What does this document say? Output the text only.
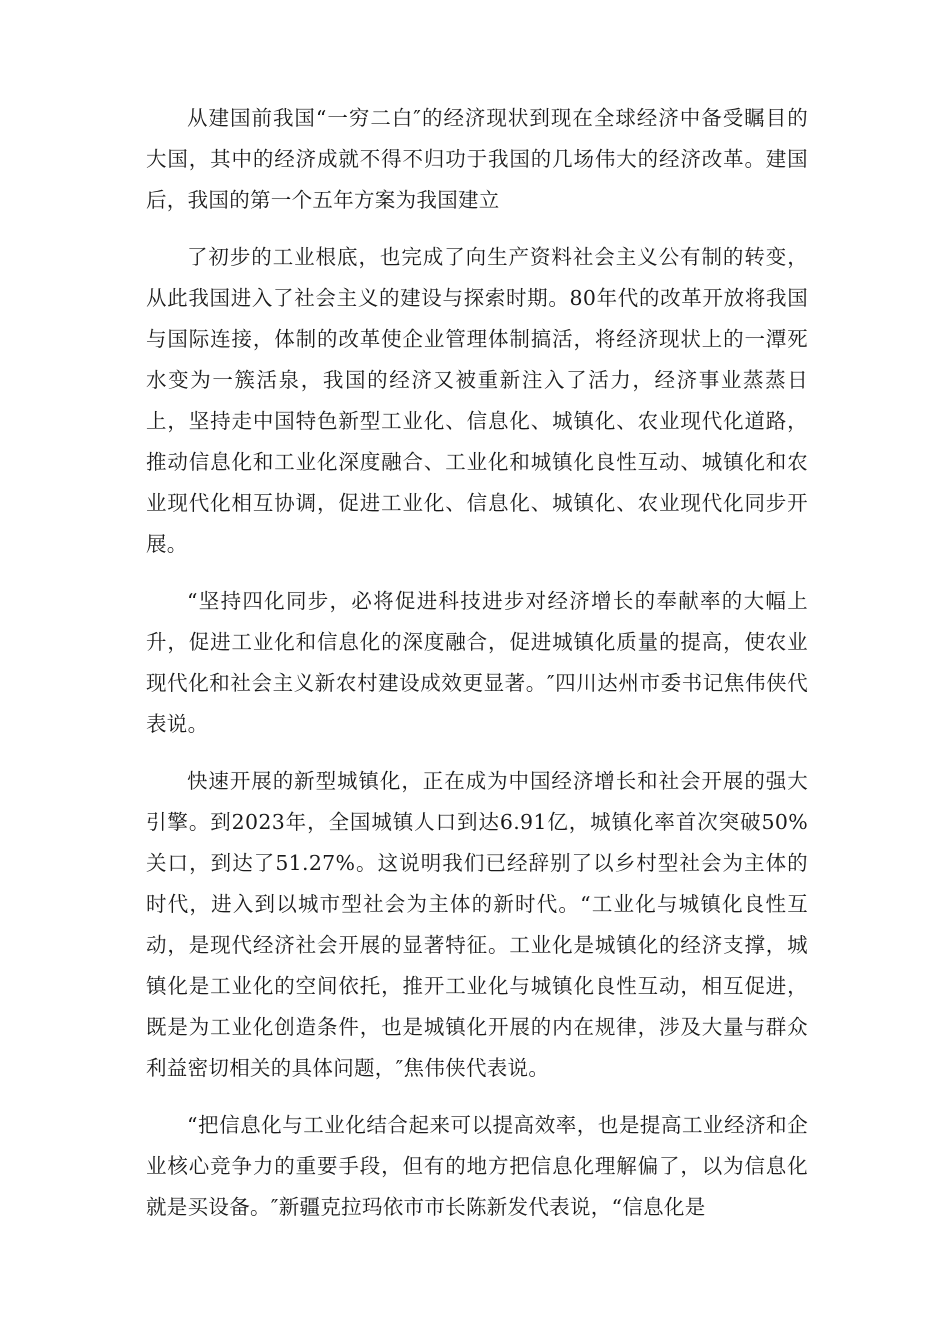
从建国前我国“一穷二白″的经济现状到现在全球经济中备受瞩目的大国，其中的经济成就不得不归功于我国的几场伟大的经济改革。建国后，我国的第一个五年方案为我国建立

了初步的工业根底，也完成了向生产资料社会主义公有制的转变，从此我国进入了社会主义的建设与探索时期。80年代的改革开放将我国与国际连接，体制的改革使企业管理体制搞活，将经济现状上的一潭死水变为一簇活泉，我国的经济又被重新注入了活力，经济事业蒸蒸日上，坚持走中国特色新型工业化、信息化、城镇化、农业现代化道路，推动信息化和工业化深度融合、工业化和城镇化良性互动、城镇化和农业现代化相互协调，促进工业化、信息化、城镇化、农业现代化同步开展。

“坚持四化同步，必将促进科技进步对经济增长的奉献率的大幅上升，促进工业化和信息化的深度融合，促进城镇化质量的提高，使农业现代化和社会主义新农村建设成效更显著。″四川达州市委书记焦伟侠代表说。

快速开展的新型城镇化，正在成为中国经济增长和社会开展的强大引擎。到2023年，全国城镇人口到达6.91亿，城镇化率首次突破50%关口，到达了51.27%。这说明我们已经辞别了以乡村型社会为主体的时代，进入到以城市型社会为主体的新时代。“工业化与城镇化良性互动，是现代经济社会开展的显著特征。工业化是城镇化的经济支撑，城镇化是工业化的空间依托，推开工业化与城镇化良性互动，相互促进，既是为工业化创造条件，也是城镇化开展的内在规律，涉及大量与群众利益密切相关的具体问题，″焦伟侠代表说。

“把信息化与工业化结合起来可以提高效率，也是提高工业经济和企业核心竞争力的重要手段，但有的地方把信息化理解偏了，以为信息化就是买设备。″新疆克拉玛依市市长陈新发代表说，“信息化是
